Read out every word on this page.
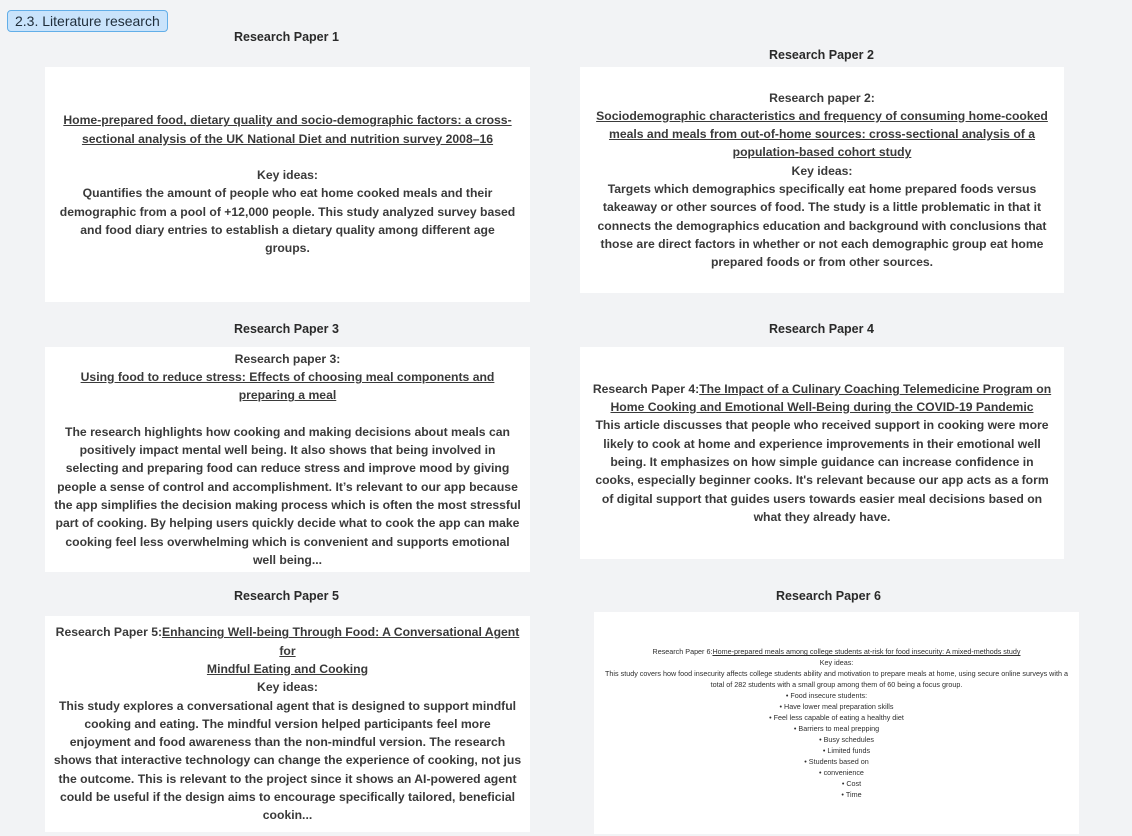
2.3. Literature research
Research Paper 1

Home-prepared food, dietary quality and socio-demographic factors: a cross-sectional analysis of the UK National Diet and nutrition survey 2008–16

Key ideas:

Quantifies the amount of people who eat home cooked meals and their demographic from a pool of +12,000 people. This study analyzed survey based and food diary entries to establish a dietary quality among different age groups.

Research Paper 2

Research paper 2:

Sociodemographic characteristics and frequency of consuming home-cooked meals and meals from out-of-home sources: cross-sectional analysis of a population-based cohort study

Key ideas:

Targets which demographics specifically eat home prepared foods versus takeaway or other sources of food. The study is a little problematic in that it connects the demographics education and background with conclusions that those are direct factors in whether or not each demographic group eat home prepared foods or from other sources.

Research Paper 3

Research paper 3:

Using food to reduce stress: Effects of choosing meal components and preparing a meal

The research highlights how cooking and making decisions about meals can positively impact mental well being. It also shows that being involved in selecting and preparing food can reduce stress and improve mood by giving people a sense of control and accomplishment. It’s relevant to our app because the app simplifies the decision making process which is often the most stressful part of cooking. By helping users quickly decide what to cook the app can make cooking feel less overwhelming which is convenient and supports emotional well being...

Research Paper 4

Research Paper 4:The Impact of a Culinary Coaching Telemedicine Program on Home Cooking and Emotional Well-Being during the COVID-19 Pandemic

This article discusses that people who received support in cooking were more likely to cook at home and experience improvements in their emotional well being. It emphasizes on how simple guidance can increase confidence in cooks, especially beginner cooks. It's relevant because our app acts as a form of digital support that guides users towards easier meal decisions based on what they already have.

Research Paper 5

Research Paper 5:Enhancing Well-being Through Food: A Conversational Agent for

Mindful Eating and Cooking

Key ideas:

This study explores a conversational agent that is designed to support mindful cooking and eating. The mindful version helped participants feel more enjoyment and food awareness than the non-mindful version. The research shows that interactive technology can change the experience of cooking, not jus the outcome. This is relevant to the project since it shows an AI-powered agent could be useful if the design aims to encourage specifically tailored, beneficial cookin...

Research Paper 6

Research Paper 6:Home-prepared meals among college students at-risk for food insecurity: A mixed-methods study

Key ideas:

This study covers how food insecurity affects college students ability and motivation to prepare meals at home, using secure online surveys with a total of 282 students with a small group among them of 60 being a focus group.

• Food insecure students:
• Have lower meal preparation skills
• Feel less capable of eating a healthy diet
• Barriers to meal prepping
• Busy schedules
• Limited funds
• Students based on
• convenience
• Cost
• Time
